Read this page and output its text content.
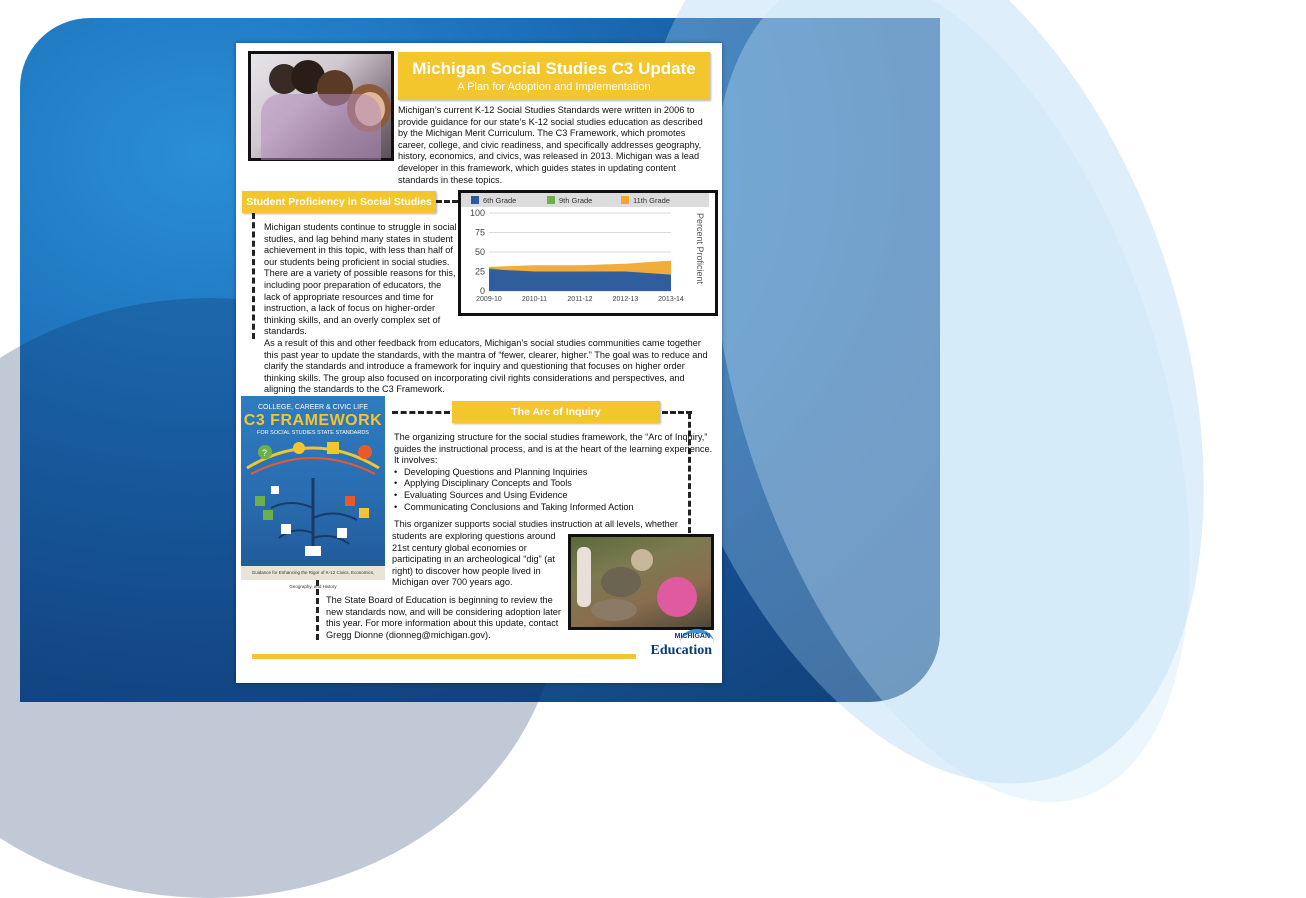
Michigan Social Studies C3 Update
A Plan for Adoption and Implementation
Michigan’s current K-12 Social Studies Standards were written in 2006 to provide guidance for our state’s K-12 social studies education as described by the Michigan Merit Curriculum. The C3 Framework, which promotes career, college, and civic readiness, and specifically addresses geography, history, economics, and civics, was released in 2013. Michigan was a lead developer in this framework, which guides states in updating content standards in these topics.
Student Proficiency in Social Studies
0
25
50
75
100
2009-10	2010-11	2011-12	2012-13	2013-14
6th Grade	9th Grade	11th Grade
Percent Proficient
Michigan students continue to struggle in social studies, and lag behind many states in student achievement in this topic, with less than half of our students being proficient in social studies. There are a variety of possible reasons for this, including poor preparation of educators, the lack of appropriate resources and time for instruction, a lack of focus on higher-order thinking skills, and an overly complex set of standards.
As a result of this and other feedback from educators, Michigan’s social studies communities came together this past year to update the standards, with the mantra of “fewer, clearer, higher.” The goal was to reduce and clarify the standards and introduce a framework for inquiry and questioning that focuses on higher order thinking skills. The group also focused on incorporating civil rights considerations and perspectives, and aligning the standards to the C3 Framework.
COLLEGE, CAREER & CIVIC LIFE
C3 FRAMEWORK
FOR SOCIAL STUDIES STATE STANDARDS
?
Guidance for Enhancing the Rigor of K-12 Civics, Economics, Geography, and History
The Arc of Inquiry
The organizing structure for the social studies framework, the “Arc of Inquiry,” guides the instructional process, and is at the heart of the learning experience. It involves:
• Developing Questions and Planning Inquiries
• Applying Disciplinary Concepts and Tools
• Evaluating Sources and Using Evidence
• Communicating Conclusions and Taking Informed Action
This organizer supports social studies instruction at all levels, whether
students are exploring questions around 21st century global economies or participating in an archeological “dig” (at right) to discover how people lived in Michigan over 700 years ago.
The State Board of Education is beginning to review the new standards now, and will be considering adoption later this year. For more information about this update, contact Gregg Dionne (dionneg@michigan.gov).	MICHIGAN
Education
